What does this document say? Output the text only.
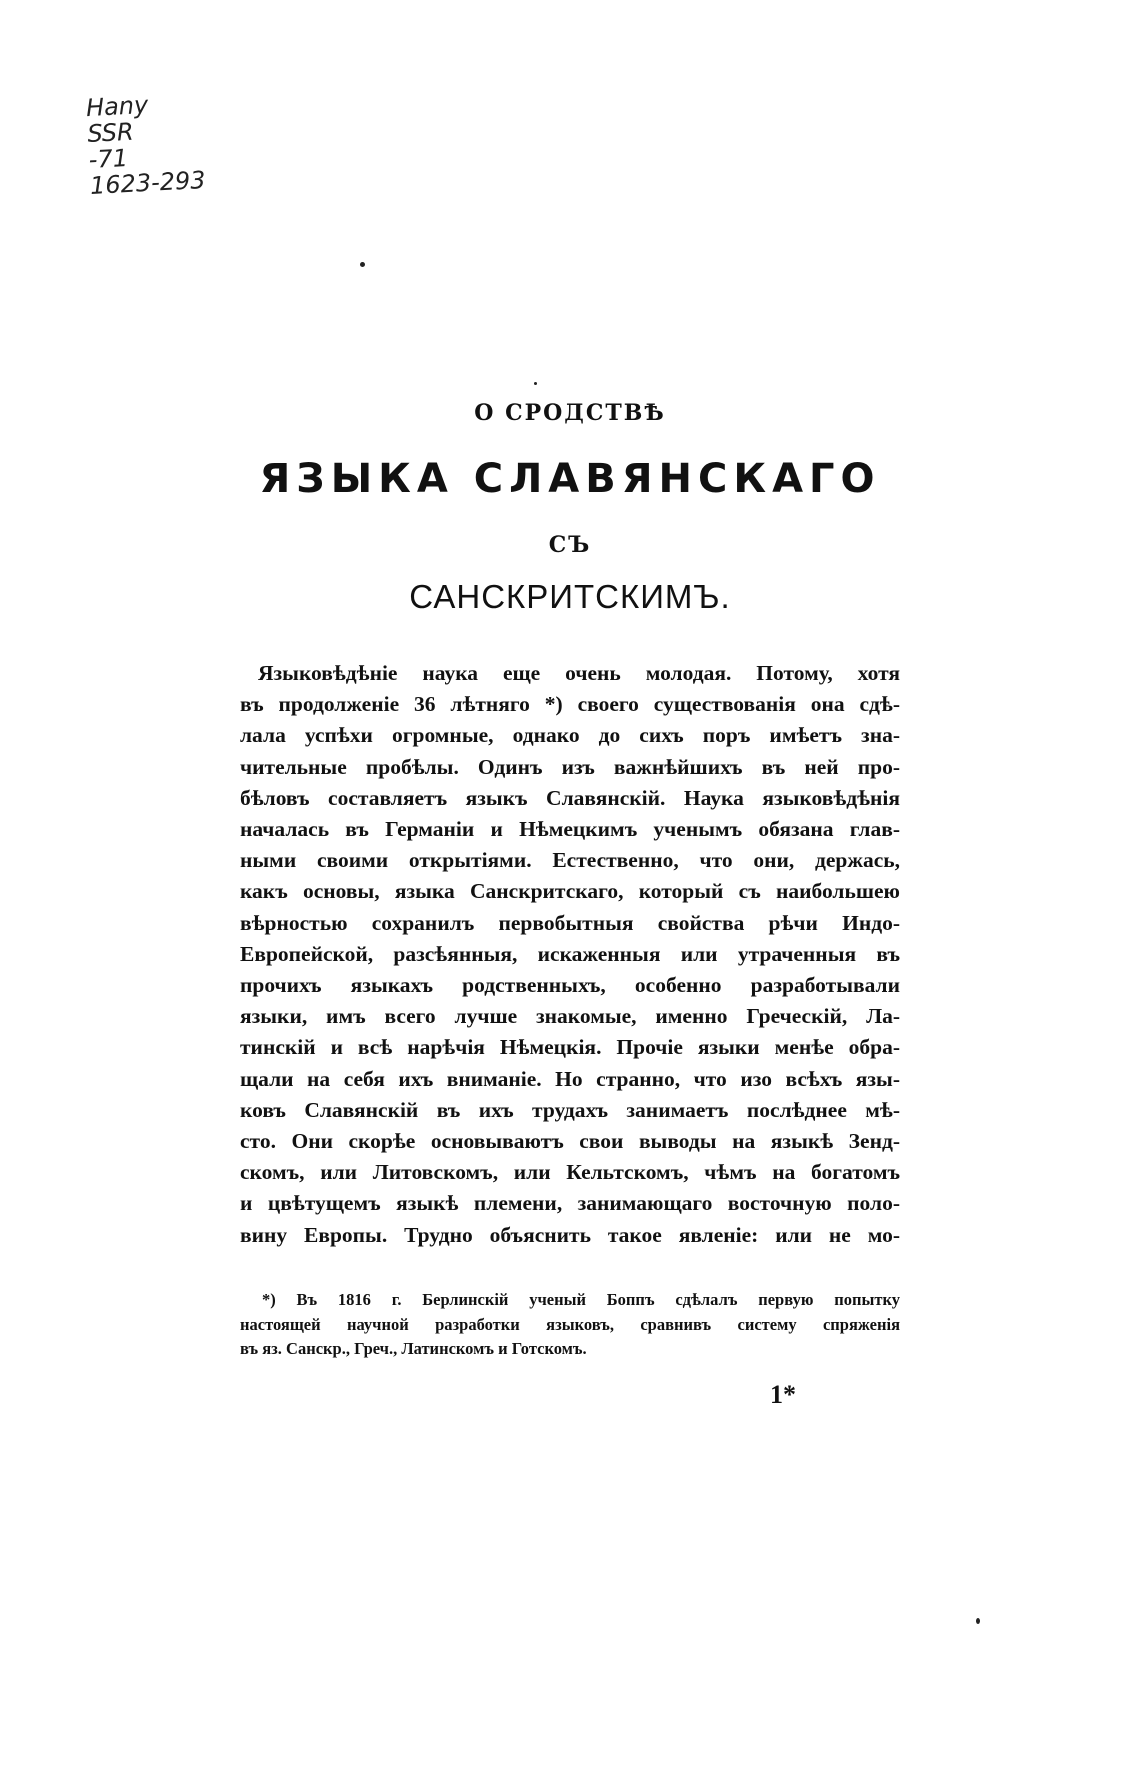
Hany
SSR
-71
1623-293
О СРОДСТВѢ
ЯЗЫКА СЛАВЯНСКАГО
СЪ
САНСКРИТСКИМЪ.
Языковѣдѣніе наука еще очень молодая. Потому, хотя
въ продолженіе 36 лѣтняго *) своего существованія она сдѣ-
лала успѣхи огромные, однако до сихъ поръ имѣетъ зна-
чительные пробѣлы. Одинъ изъ важнѣйшихъ въ ней про-
бѣловъ составляетъ языкъ Славянскій. Наука языковѣдѣнія
началась въ Германіи и Нѣмецкимъ ученымъ обязана глав-
ными своими открытіями. Естественно, что они, держась,
какъ основы, языка Санскритскаго, который съ наибольшею
вѣрностью сохранилъ первобытныя свойства рѣчи Индо-
Европейской, разсѣянныя, искаженныя или утраченныя въ
прочихъ языкахъ родственныхъ, особенно разработывали
языки, имъ всего лучше знакомые, именно Греческій, Ла-
тинскій и всѣ нарѣчія Нѣмецкія. Прочіе языки менѣе обра-
щали на себя ихъ вниманіе. Но странно, что изо всѣхъ язы-
ковъ Славянскій въ ихъ трудахъ занимаетъ послѣднее мѣ-
сто. Они скорѣе основываютъ свои выводы на языкѣ Зенд-
скомъ, или Литовскомъ, или Кельтскомъ, чѣмъ на богатомъ
и цвѣтущемъ языкѣ племени, занимающаго восточную поло-
вину Европы. Трудно объяснить такое явленіе: или не мо-
*) Въ 1816 г. Берлинскій ученый Боппъ сдѣлалъ первую попытку
настоящей научной разработки языковъ, сравнивъ систему спряженія
въ яз. Санскр., Греч., Латинскомъ и Готскомъ.
1*
